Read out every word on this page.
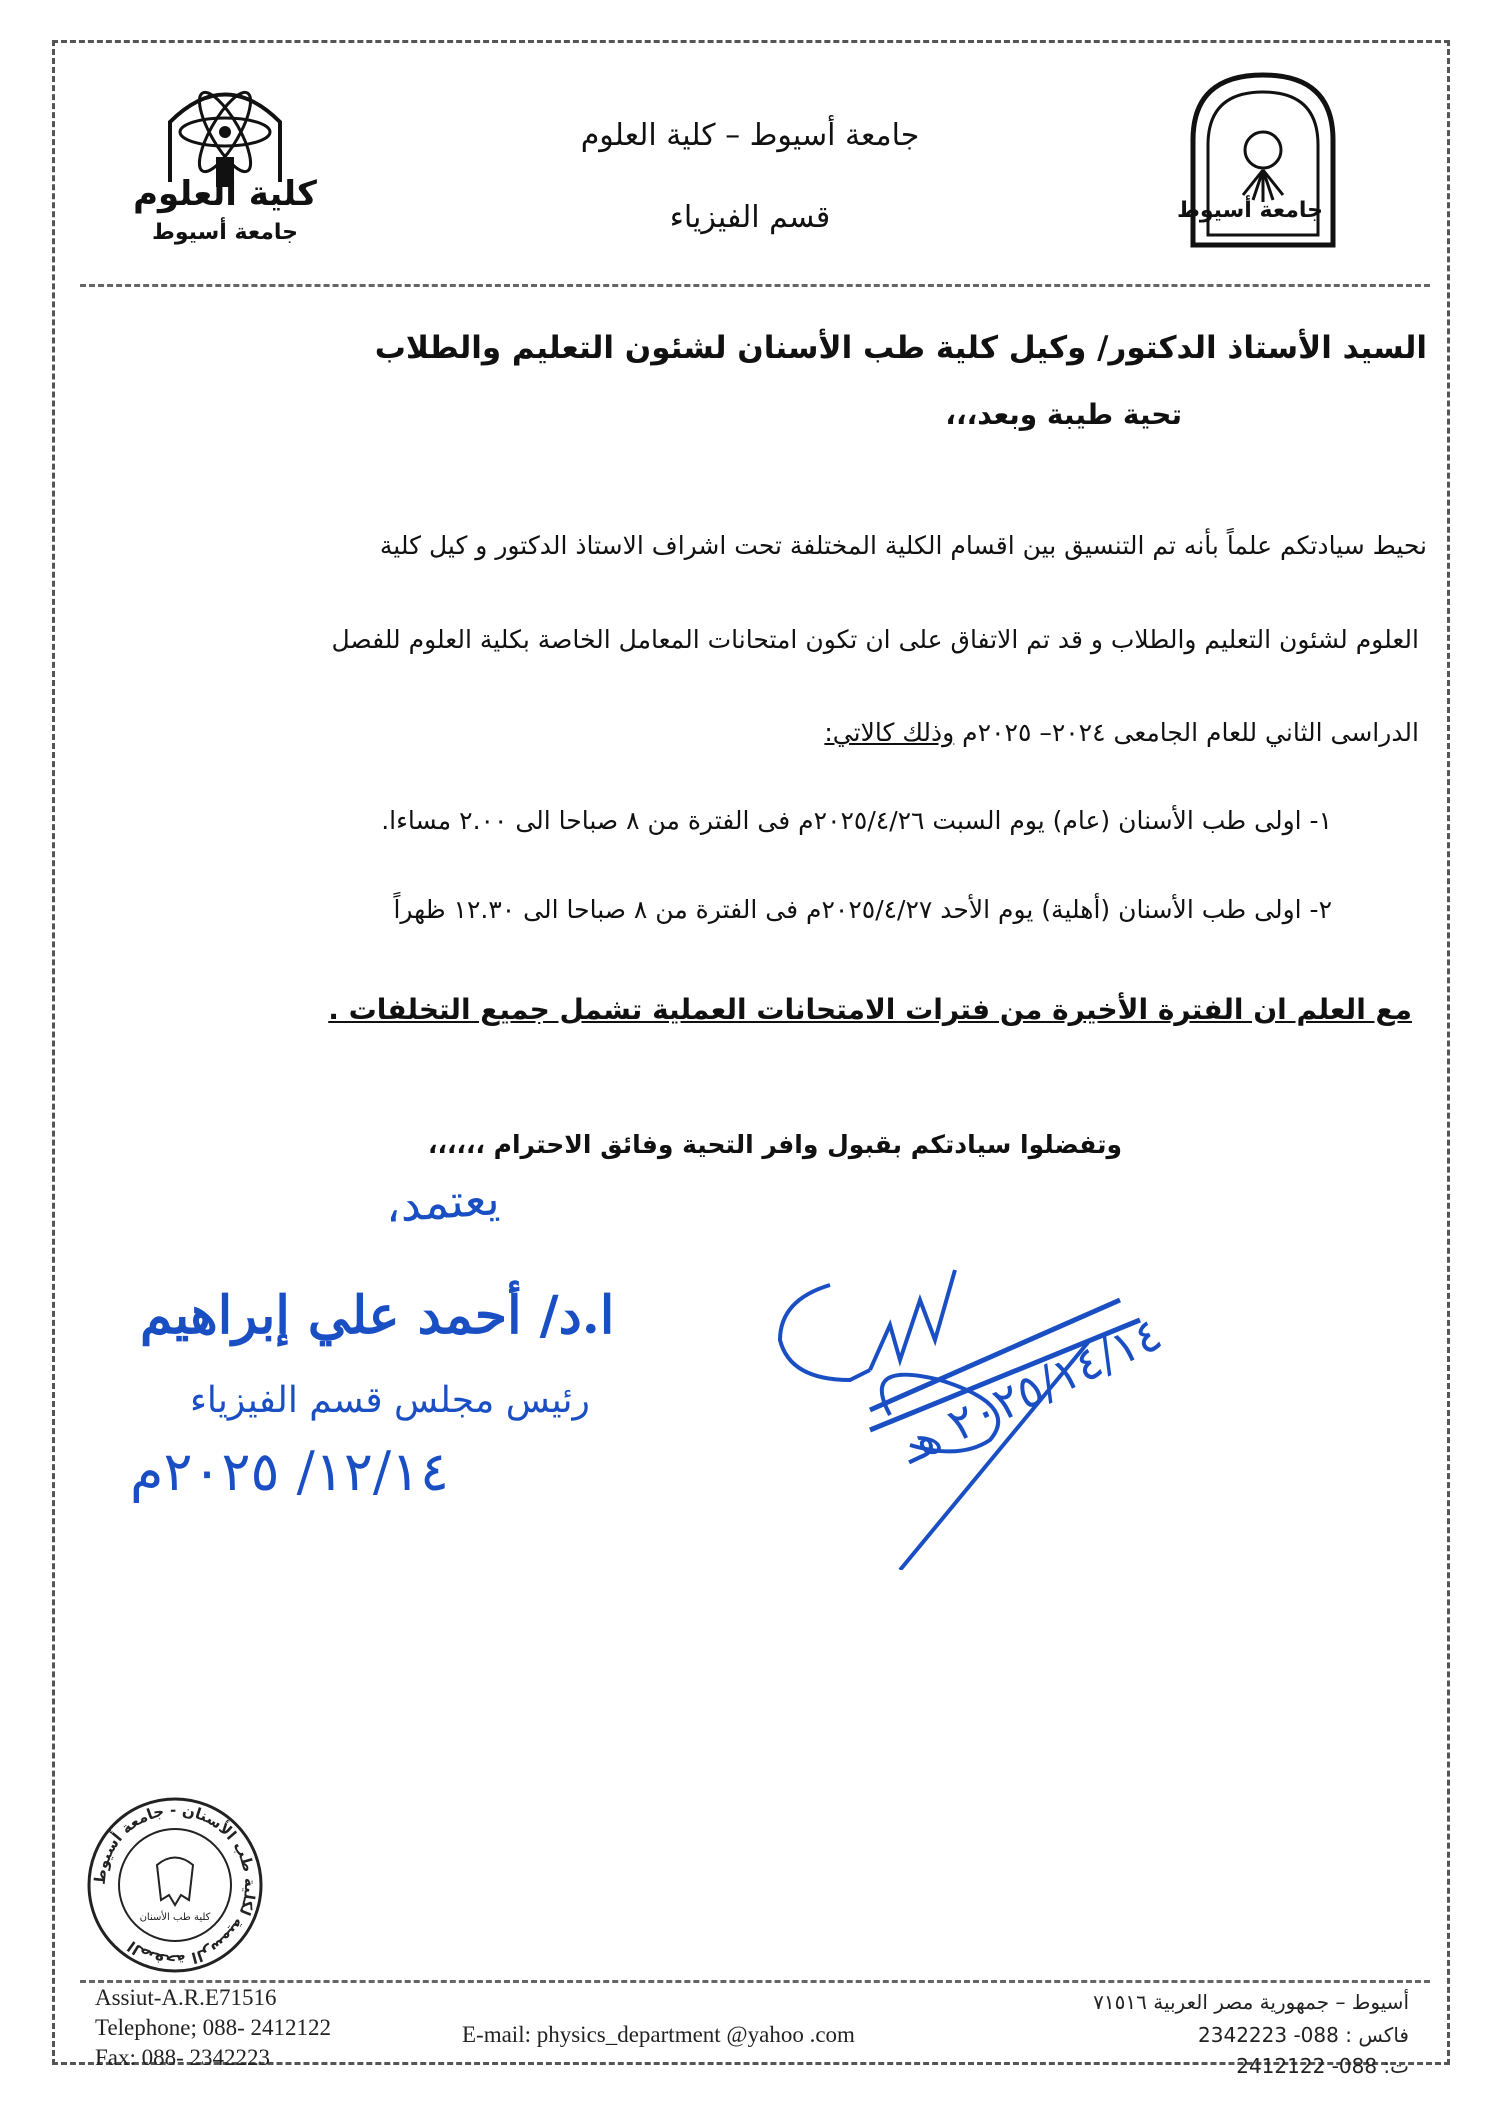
كلية العلوم
جامعة أسيوط
جامعة أسيوط
جامعة أسيوط – كلية العلوم
قسم الفيزياء
السيد الأستاذ الدكتور/ وكيل كلية طب الأسنان لشئون التعليم والطلاب
تحية طيبة وبعد،،،
نحيط سيادتكم علماً بأنه تم التنسيق بين اقسام الكلية المختلفة تحت اشراف الاستاذ الدكتور و كيل كلية
العلوم لشئون التعليم والطلاب و قد تم الاتفاق على ان تكون امتحانات المعامل الخاصة بكلية العلوم للفصل
الدراسى الثاني للعام الجامعى ٢٠٢٤– ٢٠٢٥م وذلك كالاتي:
١- اولى طب الأسنان (عام) يوم السبت ٢٠٢٥/٤/٢٦م فى الفترة من ٨ صباحا الى ٢.٠٠ مساءا.
٢- اولى طب الأسنان (أهلية) يوم الأحد ٢٠٢٥/٤/٢٧م فى الفترة من ٨ صباحا الى ١٢.٣٠ ظهراً
مع العلم ان الفترة الأخيرة من فترات الامتحانات العملية تشمل جميع التخلفات .
وتفضلوا سيادتكم بقبول وافر التحية وفائق الاحترام ،،،،،،
يعتمد،
ا.د/ أحمد علي إبراهيم
رئيس مجلس قسم الفيزياء
١٢/١٤/ ٢٠٢٥م	٢٠٢٥/١٤/١٤ هـ
الصفحة الرسمية لكلية طب الأسنان - جامعة أسيوط
كلية طب الأسنان
Assiut-A.R.E71516
Telephone; 088- 2412122
Fax: 088- 2342223
E-mail: physics_department @yahoo .com
أسيوط – جمهورية مصر العربية ٧١٥١٦
فاكس : 088- 2342223
ت: 088- 2412122
